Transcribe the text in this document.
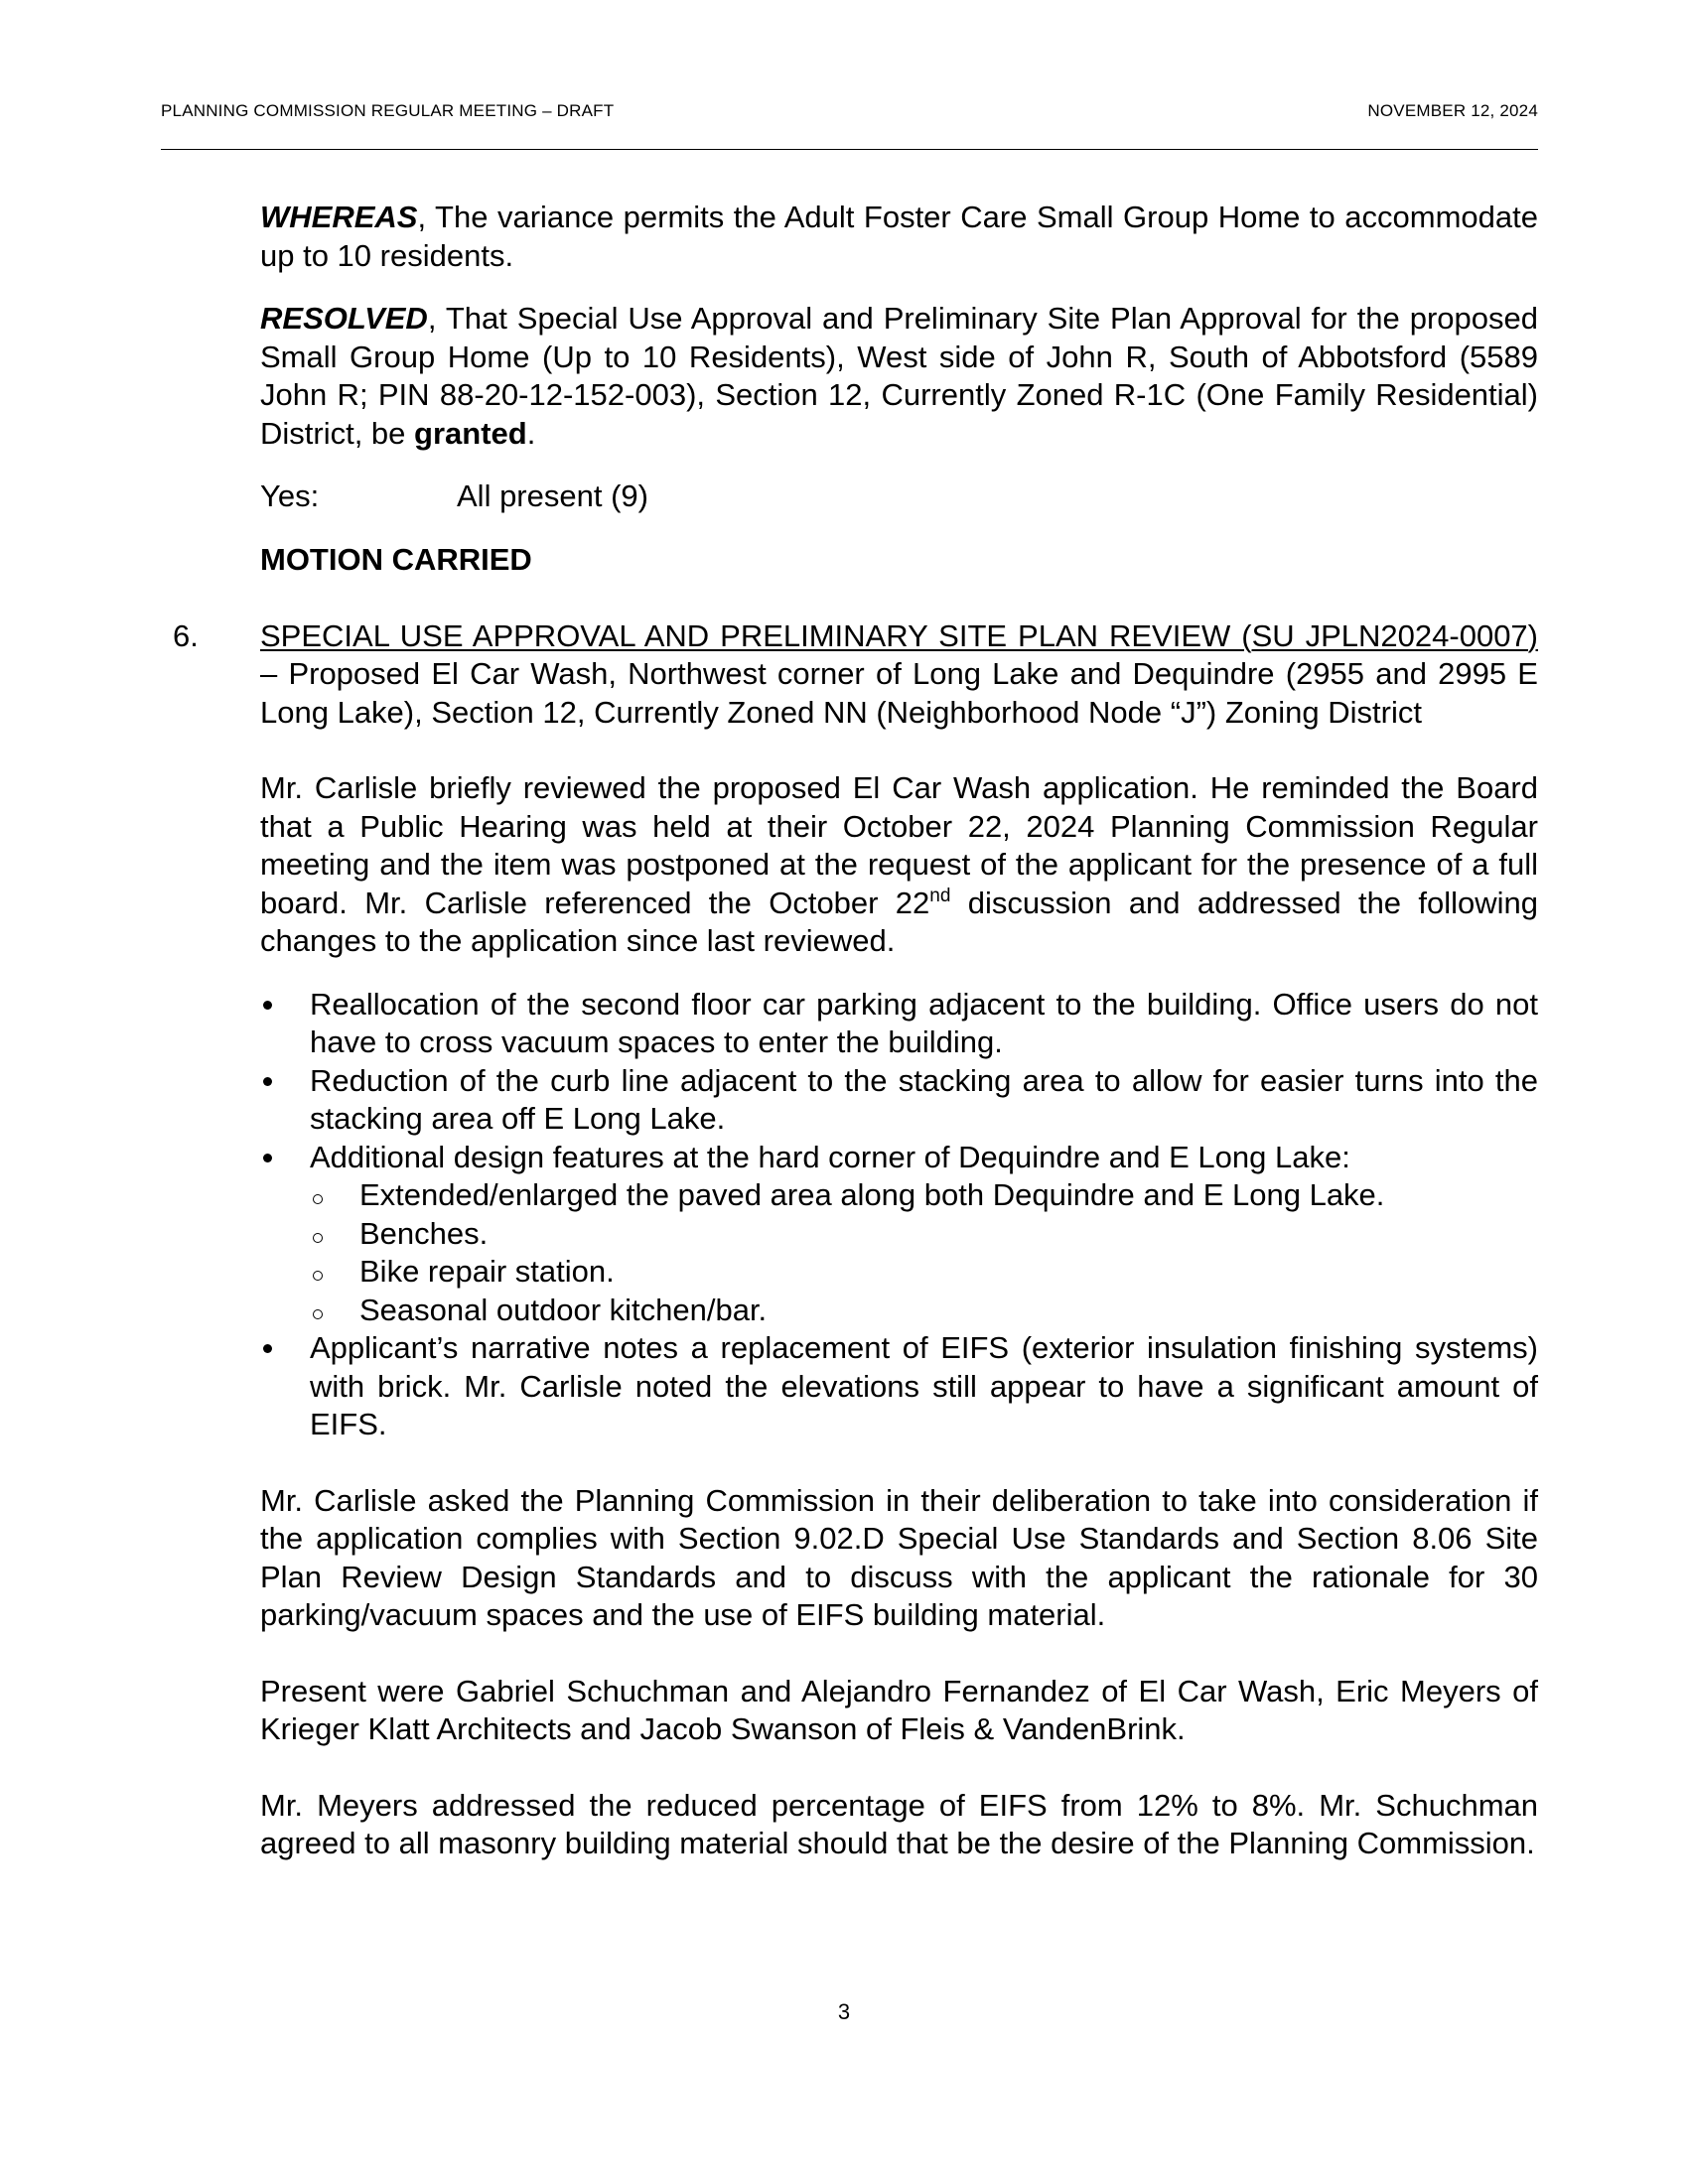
PLANNING COMMISSION REGULAR MEETING – DRAFT	NOVEMBER 12, 2024

WHEREAS, The variance permits the Adult Foster Care Small Group Home to accommodate up to 10 residents.

RESOLVED, That Special Use Approval and Preliminary Site Plan Approval for the proposed Small Group Home (Up to 10 Residents), West side of John R, South of Abbotsford (5589 John R; PIN 88-20-12-152-003), Section 12, Currently Zoned R-1C (One Family Residential) District, be granted.

Yes:	All present (9)
MOTION CARRIED
6. SPECIAL USE APPROVAL AND PRELIMINARY SITE PLAN REVIEW (SU JPLN2024-0007) – Proposed El Car Wash, Northwest corner of Long Lake and Dequindre (2955 and 2995 E Long Lake), Section 12, Currently Zoned NN (Neighborhood Node “J”) Zoning District

Mr. Carlisle briefly reviewed the proposed El Car Wash application. He reminded the Board that a Public Hearing was held at their October 22, 2024 Planning Commission Regular meeting and the item was postponed at the request of the applicant for the presence of a full board. Mr. Carlisle referenced the October 22nd discussion and addressed the following changes to the application since last reviewed.

Reallocation of the second floor car parking adjacent to the building. Office users do not have to cross vacuum spaces to enter the building.
Reduction of the curb line adjacent to the stacking area to allow for easier turns into the stacking area off E Long Lake.
Additional design features at the hard corner of Dequindre and E Long Lake:
Extended/enlarged the paved area along both Dequindre and E Long Lake.
Benches.
Bike repair station.
Seasonal outdoor kitchen/bar.
Applicant’s narrative notes a replacement of EIFS (exterior insulation finishing systems) with brick. Mr. Carlisle noted the elevations still appear to have a significant amount of EIFS.

Mr. Carlisle asked the Planning Commission in their deliberation to take into consideration if the application complies with Section 9.02.D Special Use Standards and Section 8.06 Site Plan Review Design Standards and to discuss with the applicant the rationale for 30 parking/vacuum spaces and the use of EIFS building material.

Present were Gabriel Schuchman and Alejandro Fernandez of El Car Wash, Eric Meyers of Krieger Klatt Architects and Jacob Swanson of Fleis & VandenBrink.

Mr. Meyers addressed the reduced percentage of EIFS from 12% to 8%. Mr. Schuchman agreed to all masonry building material should that be the desire of the Planning Commission.

3
